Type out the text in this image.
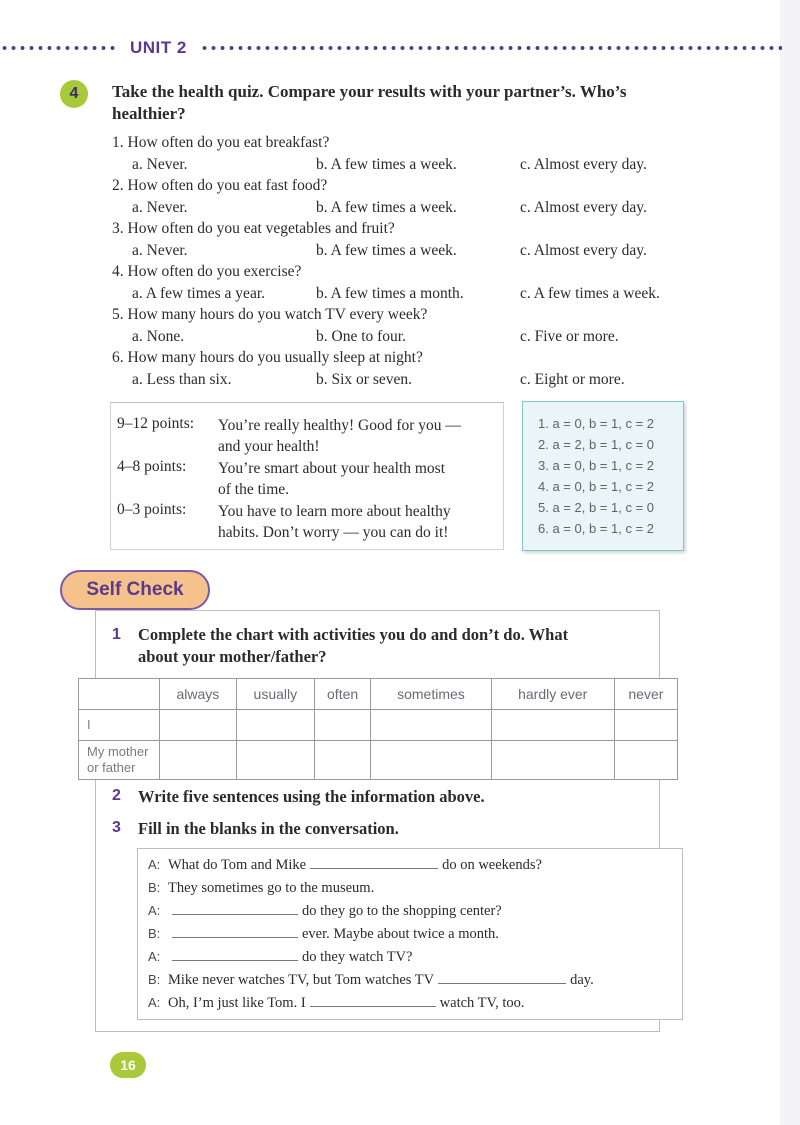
UNIT 2
4	Take the health quiz. Compare your results with your partner’s. Who’s healthier?
1. How often do you eat breakfast?
a. Never.	b. A few times a week.	c. Almost every day.
2. How often do you eat fast food?
a. Never.	b. A few times a week.	c. Almost every day.
3. How often do you eat vegetables and fruit?
a. Never.	b. A few times a week.	c. Almost every day.
4. How often do you exercise?
a. A few times a year.	b. A few times a month.	c. A few times a week.
5. How many hours do you watch TV every week?
a. None.	b. One to four.	c. Five or more.
6. How many hours do you usually sleep at night?
a. Less than six.	b. Six or seven.	c. Eight or more.
9–12 points: You’re really healthy! Good for you —
and your health!
4–8 points: You’re smart about your health most
of the time.
0–3 points: You have to learn more about healthy
habits. Don’t worry — you can do it!
1. a = 0, b = 1, c = 2
2. a = 2, b = 1, c = 0
3. a = 0, b = 1, c = 2
4. a = 0, b = 1, c = 2
5. a = 2, b = 1, c = 0
6. a = 0, b = 1, c = 2
Self Check
1 Complete the chart with activities you do and don’t do. What
about your mother/father?
	always	usually	often	sometimes	hardly ever	never
I						

My mother
or father						

2 Write five sentences using the information above.
3 Fill in the blanks in the conversation.
A: What do Tom and Mike	do on weekends?
B: They sometimes go to the museum.
A:	do they go to the shopping center?
B:	ever. Maybe about twice a month.
A:	do they watch TV?
B: Mike never watches TV, but Tom watches TV	day.
A: Oh, I’m just like Tom. I	watch TV, too.
16
